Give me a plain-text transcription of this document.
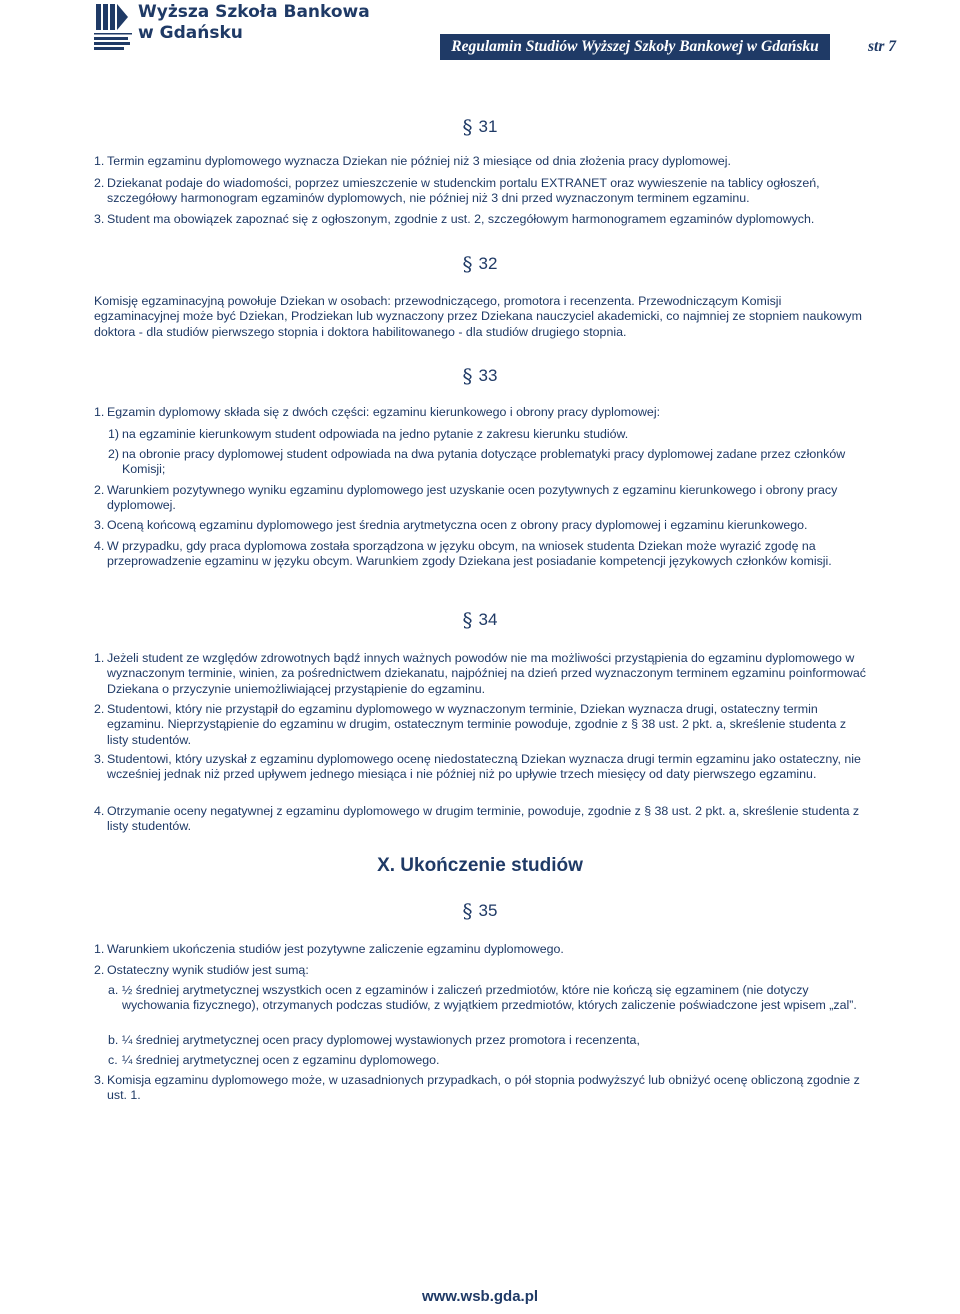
Wyższa Szkoła Bankowa
w Gdańsku
Regulamin Studiów Wyższej Szkoły Bankowej w Gdańsku	str 7
§ 31
1. Termin egzaminu dyplomowego wyznacza Dziekan nie później niż 3 miesiące od dnia złożenia pracy dyplomowej.
2. Dziekanat podaje do wiadomości, poprzez umieszczenie w studenckim portalu EXTRANET oraz wywieszenie na tablicy ogłoszeń, szczegółowy harmonogram egzaminów dyplomowych, nie później niż 3 dni przed wyznaczonym terminem egzaminu.
3. Student ma obowiązek zapoznać się z ogłoszonym, zgodnie z ust. 2, szczegółowym harmonogramem egzaminów dyplomowych.
§ 32
Komisję egzaminacyjną powołuje Dziekan w osobach: przewodniczącego, promotora i recenzenta. Przewodniczącym Komisji egzaminacyjnej może być Dziekan, Prodziekan lub wyznaczony przez Dziekana nauczyciel akademicki, co najmniej ze stopniem naukowym doktora - dla studiów pierwszego stopnia i doktora habilitowanego - dla studiów drugiego stopnia.
§ 33
1. Egzamin dyplomowy składa się z dwóch części: egzaminu kierunkowego i obrony pracy dyplomowej:
1) na egzaminie kierunkowym student odpowiada na jedno pytanie z zakresu kierunku studiów.
2) na obronie pracy dyplomowej student odpowiada na dwa pytania dotyczące problematyki pracy dyplomowej zadane przez członków Komisji;
2. Warunkiem pozytywnego wyniku egzaminu dyplomowego jest uzyskanie ocen pozytywnych z egzaminu kierunkowego i obrony pracy dyplomowej.
3. Oceną końcową egzaminu dyplomowego jest średnia arytmetyczna ocen z obrony pracy dyplomowej i egzaminu kierunkowego.
4. W przypadku, gdy praca dyplomowa została sporządzona w języku obcym, na wniosek studenta Dziekan może wyrazić zgodę na przeprowadzenie egzaminu w języku obcym. Warunkiem zgody Dziekana jest posiadanie kompetencji językowych członków komisji.
§ 34
1. Jeżeli student ze względów zdrowotnych bądź innych ważnych powodów nie ma możliwości przystąpienia do egzaminu dyplomowego w wyznaczonym terminie, winien, za pośrednictwem dziekanatu, najpóźniej na dzień przed wyznaczonym terminem egzaminu poinformować Dziekana o przyczynie uniemożliwiającej przystąpienie do egzaminu.
2. Studentowi, który nie przystąpił do egzaminu dyplomowego w wyznaczonym terminie, Dziekan wyznacza drugi, ostateczny termin egzaminu. Nieprzystąpienie do egzaminu w drugim, ostatecznym terminie powoduje, zgodnie z § 38 ust. 2 pkt. a, skreślenie studenta z listy studentów.
3. Studentowi, który uzyskał z egzaminu dyplomowego ocenę niedostateczną Dziekan wyznacza drugi termin egzaminu jako ostateczny, nie wcześniej jednak niż przed upływem jednego miesiąca i nie później niż po upływie trzech miesięcy od daty pierwszego egzaminu.
4. Otrzymanie oceny negatywnej z egzaminu dyplomowego w drugim terminie, powoduje, zgodnie z § 38 ust. 2 pkt. a, skreślenie studenta z listy studentów.
X. Ukończenie studiów
§ 35
1. Warunkiem ukończenia studiów jest pozytywne zaliczenie egzaminu dyplomowego.
2. Ostateczny wynik studiów jest sumą:
a. ½ średniej arytmetycznej wszystkich ocen z egzaminów i zaliczeń przedmiotów, które nie kończą się egzaminem (nie dotyczy wychowania fizycznego), otrzymanych podczas studiów, z wyjątkiem przedmiotów, których zaliczenie poświadczone jest wpisem „zal”.
b. ¼ średniej arytmetycznej ocen pracy dyplomowej wystawionych przez promotora i recenzenta,
c. ¼ średniej arytmetycznej ocen z egzaminu dyplomowego.
3. Komisja egzaminu dyplomowego może, w uzasadnionych przypadkach, o pół stopnia podwyższyć lub obniżyć ocenę obliczoną zgodnie z ust. 1.
www.wsb.gda.pl
